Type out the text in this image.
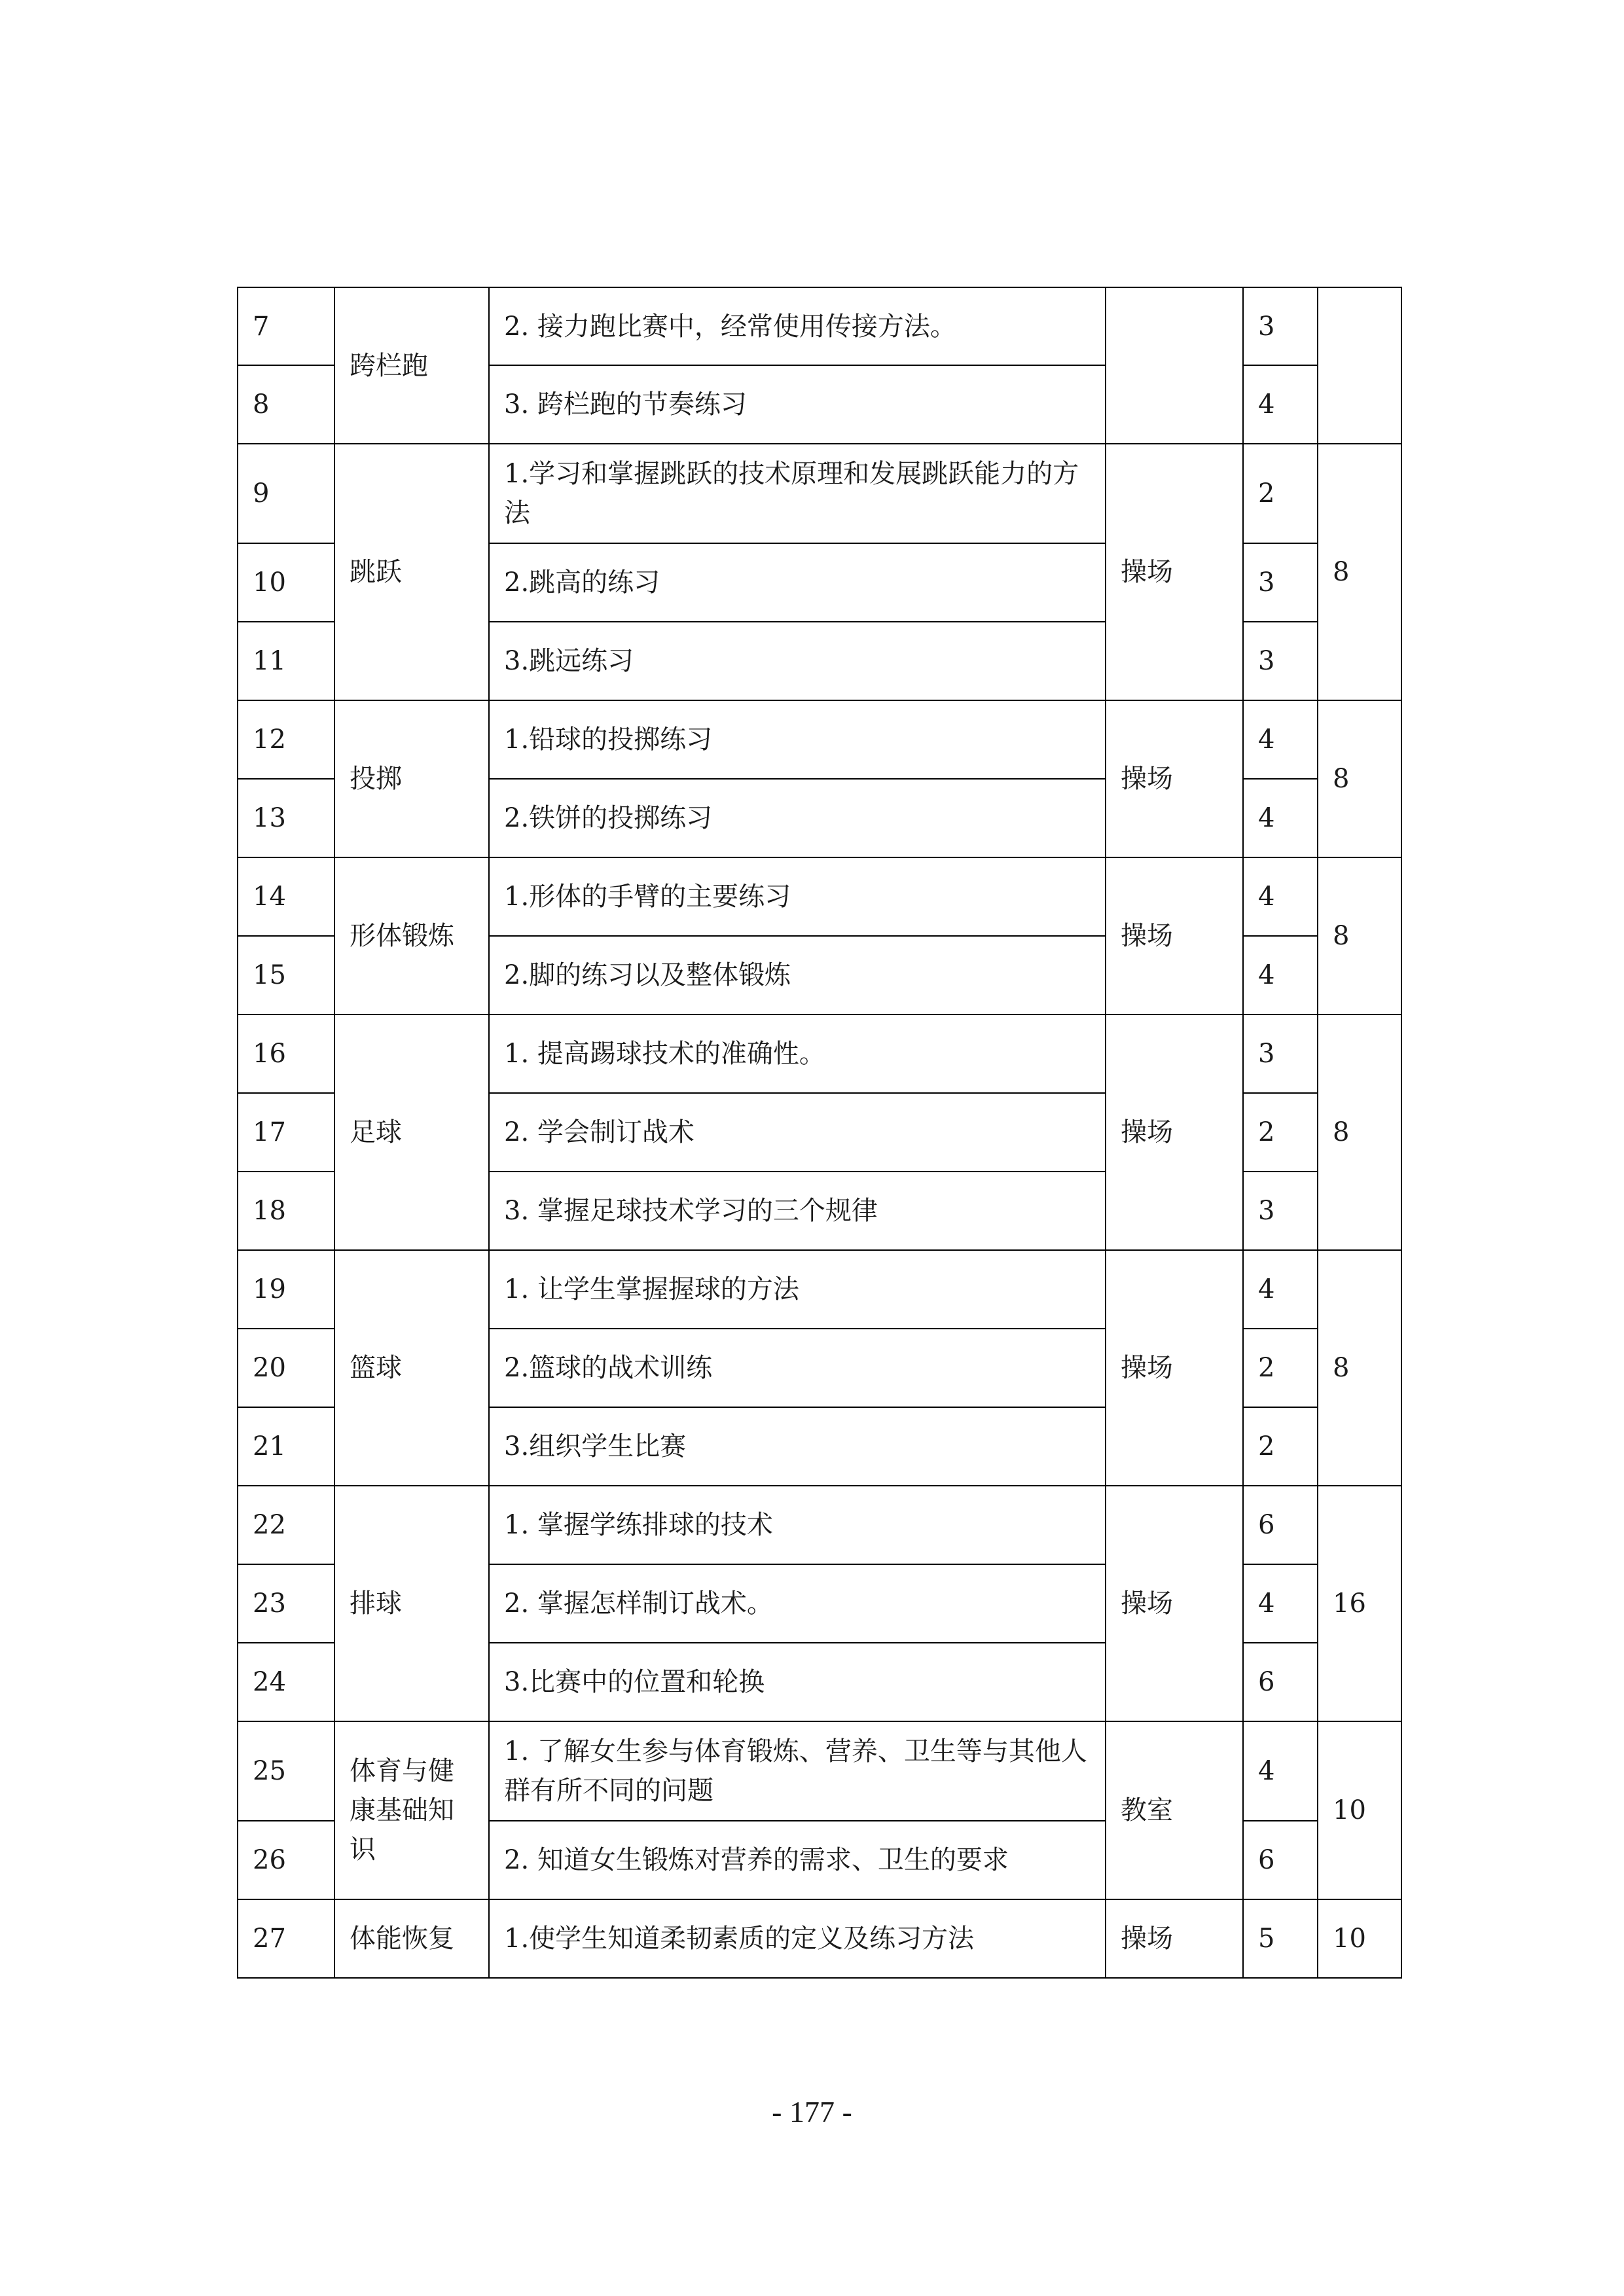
7	跨栏跑	2. 接力跑比赛中，经常使用传接方法。		3	
8		3. 跨栏跑的节奏练习		4	
9	跳跃	1.学习和掌握跳跃的技术原理和发展跳跃能力的方法	操场	2	8
10		2.跳高的练习		3	
11		3.跳远练习		3	
12	投掷	1.铅球的投掷练习	操场	4	8
13		2.铁饼的投掷练习		4	
14	形体锻炼	1.形体的手臂的主要练习	操场	4	8
15		2.脚的练习以及整体锻炼		4	
16	足球	1. 提高踢球技术的准确性。	操场	3	8
17		2. 学会制订战术		2	
18		3. 掌握足球技术学习的三个规律		3	
19	篮球	1. 让学生掌握握球的方法	操场	4	8
20		2.篮球的战术训练		2	
21		3.组织学生比赛		2	
22	排球	1. 掌握学练排球的技术	操场	6	16
23		2. 掌握怎样制订战术。		4	
24		3.比赛中的位置和轮换		6	
25	体育与健康基础知识	1. 了解女生参与体育锻炼、营养、卫生等与其他人群有所不同的问题	教室	4	10
26		2. 知道女生锻炼对营养的需求、卫生的要求		6	
27	体能恢复	1.使学生知道柔韧素质的定义及练习方法	操场	5	10
- 177 -
